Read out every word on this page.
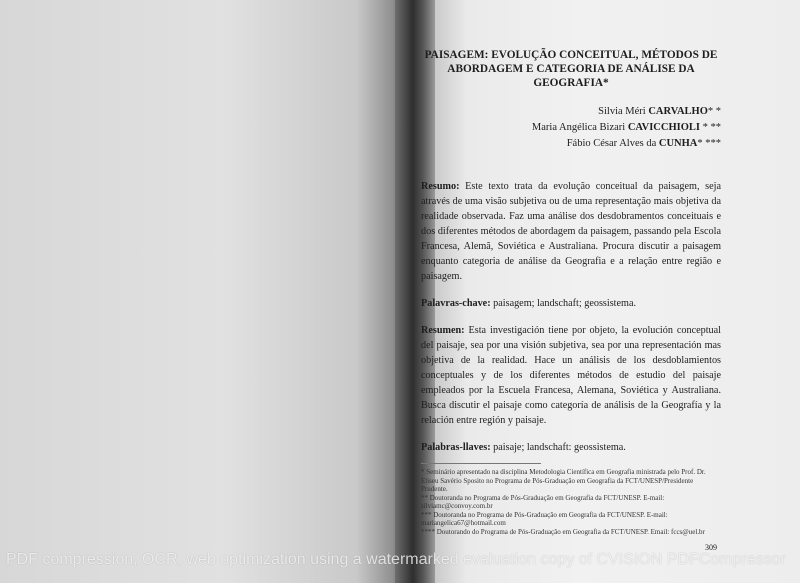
PAISAGEM: EVOLUÇÃO CONCEITUAL, MÉTODOS DE ABORDAGEM E CATEGORIA DE ANÁLISE DA GEOGRAFIA*
Silvia Méri CARVALHO* *
Maria Angélica Bizari CAVICCHIOLI * **
Fábio César Alves da CUNHA* ***

Resumo: Este texto trata da evolução conceitual da paisagem, seja através de uma visão subjetiva ou de uma representação mais objetiva da realidade observada. Faz uma análise dos desdobramentos conceituais e dos diferentes métodos de abordagem da paisagem, passando pela Escola Francesa, Alemã, Soviética e Australiana. Procura discutir a paisagem enquanto categoria de análise da Geografia e a relação entre região e paisagem.

Palavras-chave: paisagem; landschaft; geossistema.

Resumen: Esta investigación tiene por objeto, la evolución conceptual del paisaje, sea por una visión subjetiva, sea por una representación mas objetiva de la realidad. Hace un análisis de los desdoblamientos conceptuales y de los diferentes métodos de estudio del paisaje empleados por la Escuela Francesa, Alemana, Soviética y Australiana. Busca discutir el paisaje como categoría de análisis de la Geografía y la relación entre región y paisaje.

Palabras-llaves: paisaje; landschaft: geossistema.

* Seminário apresentado na disciplina Metodologia Científica em Geografia ministrada pelo Prof. Dr. Eliseu Savério Sposito no Programa de Pós-Graduação em Geografia da FCT/UNESP/Presidente Prudente.

** Doutoranda no Programa de Pós-Graduação em Geografia da FCT/UNESP. E-mail: silviamc@convoy.com.br

*** Doutoranda no Programa de Pós-Graduação em Geografia da FCT/UNESP. E-mail: mariangelica67@hotmail.com

**** Doutorando do Programa de Pós-Graduação em Geografia da FCT/UNESP. Email: fccs@uel.br

309
PDF compression, OCR, web optimization using a watermarked evaluation copy of CVISION PDFCompressor
